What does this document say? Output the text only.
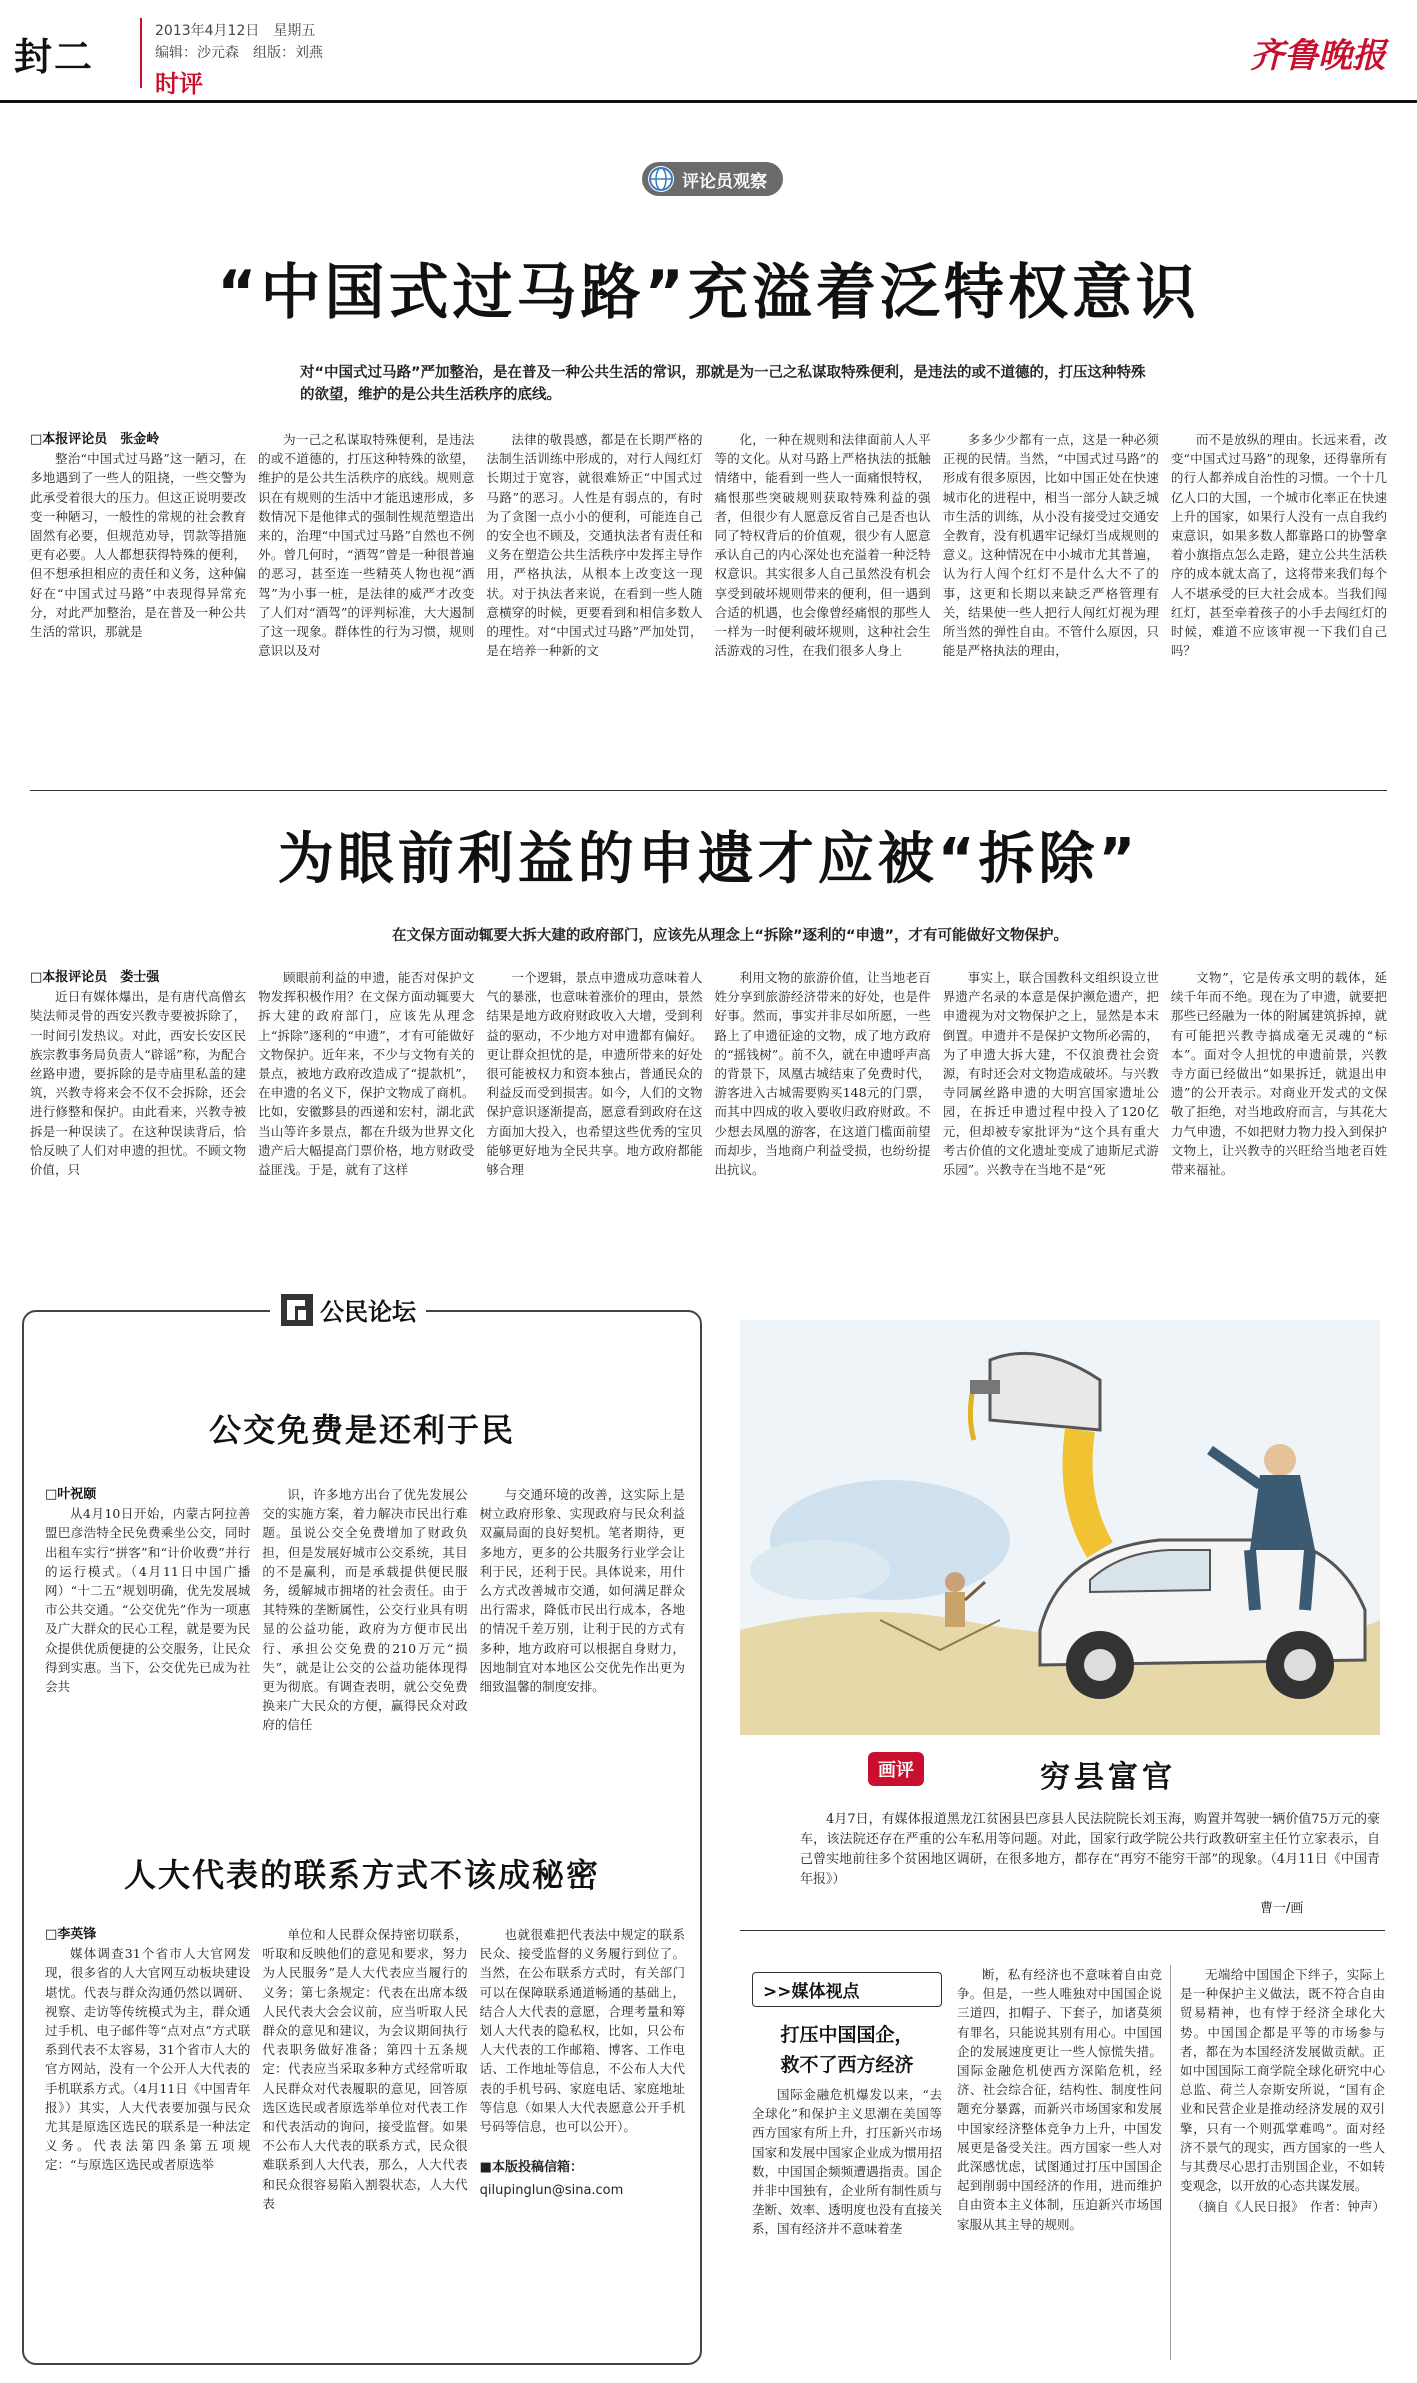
封二
2013年4月12日　星期五
编辑：沙元森　组版：刘燕
时评
齐鲁晚报
评论员观察
“中国式过马路”充溢着泛特权意识
对“中国式过马路”严加整治，是在普及一种公共生活的常识，那就是为一己之私谋取特殊便利，是违法的或不道德的，打压这种特殊的欲望，维护的是公共生活秩序的底线。

□本报评论员　张金岭

整治“中国式过马路”这一陋习，在多地遇到了一些人的阻挠，一些交警为此承受着很大的压力。但这正说明要改变一种陋习，一般性的常规的社会教育固然有必要，但规范劝导，罚款等措施更有必要。人人都想获得特殊的便利，但不想承担相应的责任和义务，这种偏好在“中国式过马路”中表现得异常充分，对此严加整治，是在普及一种公共生活的常识，那就是

为一己之私谋取特殊便利，是违法的或不道德的，打压这种特殊的欲望，维护的是公共生活秩序的底线。规则意识在有规则的生活中才能迅速形成，多数情况下是他律式的强制性规范塑造出来的，治理“中国式过马路”自然也不例外。曾几何时，“酒驾”曾是一种很普遍的恶习，甚至连一些精英人物也视“酒驾”为小事一桩，是法律的威严才改变了人们对“酒驾”的评判标准，大大遏制了这一现象。群体性的行为习惯，规则意识以及对

法律的敬畏感，都是在长期严格的法制生活训练中形成的，对行人闯红灯长期过于宽容，就很难矫正“中国式过马路”的恶习。人性是有弱点的，有时为了贪图一点小小的便利，可能连自己的安全也不顾及，交通执法者有责任和义务在塑造公共生活秩序中发挥主导作用，严格执法，从根本上改变这一现状。对于执法者来说，在看到一些人随意横穿的时候，更要看到和相信多数人的理性。对“中国式过马路”严加处罚，是在培养一种新的文

化，一种在规则和法律面前人人平等的文化。从对马路上严格执法的抵触情绪中，能看到一些人一面痛恨特权，痛恨那些突破规则获取特殊利益的强者，但很少有人愿意反省自己是否也认同了特权背后的价值观，很少有人愿意承认自己的内心深处也充溢着一种泛特权意识。其实很多人自己虽然没有机会享受到破坏规则带来的便利，但一遇到合适的机遇，也会像曾经痛恨的那些人一样为一时便利破坏规则，这种社会生活游戏的习性，在我们很多人身上

多多少少都有一点，这是一种必须正视的民情。当然，“中国式过马路”的形成有很多原因，比如中国正处在快速城市化的进程中，相当一部分人缺乏城市生活的训练，从小没有接受过交通安全教育，没有机遇牢记绿灯当成规则的意义。这种情况在中小城市尤其普遍，认为行人闯个红灯不是什么大不了的事，这更和长期以来缺乏严格管理有关，结果使一些人把行人闯红灯视为理所当然的弹性自由。不管什么原因，只能是严格执法的理由，

而不是放纵的理由。长远来看，改变“中国式过马路”的现象，还得靠所有的行人都养成自治性的习惯。一个十几亿人口的大国，一个城市化率正在快速上升的国家，如果行人没有一点自我约束意识，如果多数人都靠路口的协警拿着小旗指点怎么走路，建立公共生活秩序的成本就太高了，这将带来我们每个人不堪承受的巨大社会成本。当我们闯红灯，甚至牵着孩子的小手去闯红灯的时候，难道不应该审视一下我们自己吗？

为眼前利益的申遗才应被“拆除”
在文保方面动辄要大拆大建的政府部门，应该先从理念上“拆除”逐利的“申遗”，才有可能做好文物保护。

□本报评论员　娄士强

近日有媒体爆出，是有唐代高僧玄奘法师灵骨的西安兴教寺要被拆除了，一时间引发热议。对此，西安长安区民族宗教事务局负责人“辟谣”称，为配合丝路申遗，要拆除的是寺庙里私盖的建筑，兴教寺将来会不仅不会拆除，还会进行修整和保护。由此看来，兴教寺被拆是一种误读了。在这种误读背后，恰恰反映了人们对申遗的担忧。不顾文物价值，只

顾眼前利益的申遗，能否对保护文物发挥积极作用？在文保方面动辄要大拆大建的政府部门，应该先从理念上“拆除”逐利的“申遗”，才有可能做好文物保护。近年来，不少与文物有关的景点，被地方政府改造成了“提款机”，在申遗的名义下，保护文物成了商机。比如，安徽黟县的西递和宏村，湖北武当山等许多景点，都在升级为世界文化遗产后大幅提高门票价格，地方财政受益匪浅。于是，就有了这样

一个逻辑，景点申遗成功意味着人气的暴涨，也意味着涨价的理由，景然结果是地方政府财政收入大增，受到利益的驱动，不少地方对申遗都有偏好。更让群众担忧的是，申遗所带来的好处很可能被权力和资本独占，普通民众的利益反而受到损害。如今，人们的文物保护意识逐渐提高，愿意看到政府在这方面加大投入，也希望这些优秀的宝贝能够更好地为全民共享。地方政府都能够合理

利用文物的旅游价值，让当地老百姓分享到旅游经济带来的好处，也是件好事。然而，事实并非尽如所愿，一些路上了申遗征途的文物，成了地方政府的“摇钱树”。前不久，就在申遗呼声高的背景下，凤凰古城结束了免费时代，游客进入古城需要购买148元的门票，而其中四成的收入要收归政府财政。不少想去凤凰的游客，在这道门槛面前望而却步，当地商户利益受损，也纷纷提出抗议。

事实上，联合国教科文组织设立世界遗产名录的本意是保护濒危遗产，把申遗视为对文物保护之上，显然是本末倒置。申遗并不是保护文物所必需的，为了申遗大拆大建，不仅浪费社会资源，有时还会对文物造成破坏。与兴教寺同属丝路申遗的大明宫国家遗址公园，在拆迁申遗过程中投入了120亿元，但却被专家批评为“这个具有重大考古价值的文化遗址变成了迪斯尼式游乐园”。兴教寺在当地不是“死

文物”，它是传承文明的载体，延续千年而不绝。现在为了申遗，就要把那些已经融为一体的附属建筑拆掉，就有可能把兴教寺搞成毫无灵魂的“标本”。面对令人担忧的申遗前景，兴教寺方面已经做出“如果拆迁，就退出申遗”的公开表示。对商业开发式的文保敬了拒绝，对当地政府而言，与其花大力气申遗，不如把财力物力投入到保护文物上，让兴教寺的兴旺给当地老百姓带来福祉。

公民论坛
公交免费是还利于民

□叶祝颐

从4月10日开始，内蒙古阿拉善盟巴彦浩特全民免费乘坐公交，同时出租车实行“拼客”和“计价收费”并行的运行模式。（4月11日中国广播网）“十二五”规划明确，优先发展城市公共交通。“公交优先”作为一项惠及广大群众的民心工程，就是要为民众提供优质便捷的公交服务，让民众得到实惠。当下，公交优先已成为社会共

识，许多地方出台了优先发展公交的实施方案，着力解决市民出行难题。虽说公交全免费增加了财政负担，但是发展好城市公交系统，其目的不是赢利，而是承载提供便民服务，缓解城市拥堵的社会责任。由于其特殊的垄断属性，公交行业具有明显的公益功能，政府为方便市民出行、承担公交免费的210万元“损失”，就是让公交的公益功能体现得更为彻底。有调查表明，就公交免费换来广大民众的方便，赢得民众对政府的信任

与交通环境的改善，这实际上是树立政府形象、实现政府与民众利益双赢局面的良好契机。笔者期待，更多地方，更多的公共服务行业学会让利于民，还利于民。具体说来，用什么方式改善城市交通，如何满足群众出行需求，降低市民出行成本，各地的情况千差万别，让利于民的方式有多种，地方政府可以根据自身财力，因地制宜对本地区公交优先作出更为细致温馨的制度安排。

人大代表的联系方式不该成秘密

□李英锋

媒体调查31个省市人大官网发现，很多省的人大官网互动板块建设堪忧。代表与群众沟通仍然以调研、视察、走访等传统模式为主，群众通过手机、电子邮件等“点对点”方式联系到代表不太容易，31个省市人大的官方网站，没有一个公开人大代表的手机联系方式。（4月11日《中国青年报》）其实，人大代表要加强与民众尤其是原选区选民的联系是一种法定义务。代表法第四条第五项规定：“与原选区选民或者原选举

单位和人民群众保持密切联系，听取和反映他们的意见和要求，努力为人民服务”是人大代表应当履行的义务；第七条规定：代表在出席本级人民代表大会会议前，应当听取人民群众的意见和建议，为会议期间执行代表职务做好准备；第四十五条规定：代表应当采取多种方式经常听取人民群众对代表履职的意见，回答原选区选民或者原选举单位对代表工作和代表活动的询问，接受监督。如果不公布人大代表的联系方式，民众很难联系到人大代表，那么，人大代表和民众很容易陷入割裂状态，人大代表

也就很难把代表法中规定的联系民众、接受监督的义务履行到位了。当然，在公布联系方式时，有关部门可以在保障联系通道畅通的基础上，结合人大代表的意愿，合理考量和筹划人大代表的隐私权，比如，只公布人大代表的工作邮箱、博客、工作电话、工作地址等信息，不公布人大代表的手机号码、家庭电话、家庭地址等信息（如果人大代表愿意公开手机号码等信息，也可以公开）。

■本版投稿信箱：
qilupinglun@sina.com
画评	穷县富官
4月7日，有媒体报道黑龙江贫困县巴彦县人民法院院长刘玉海，购置并驾驶一辆价值75万元的豪车，该法院还存在严重的公车私用等问题。对此，国家行政学院公共行政教研室主任竹立家表示，自己曾实地前往多个贫困地区调研，在很多地方，都存在“再穷不能穷干部”的现象。（4月11日《中国青年报》）
曹一/画
>>媒体视点
打压中国国企，
救不了西方经济

国际金融危机爆发以来，“去全球化”和保护主义思潮在美国等西方国家有所上升，打压新兴市场国家和发展中国家企业成为惯用招数，中国国企频频遭遇指责。国企并非中国独有，企业所有制性质与垄断、效率、透明度也没有直接关系，国有经济并不意味着垄

断，私有经济也不意味着自由竞争。但是，一些人唯独对中国国企说三道四，扣帽子、下套子，加诸莫须有罪名，只能说其别有用心。中国国企的发展速度更让一些人惊慌失措。国际金融危机使西方深陷危机，经济、社会综合征，结构性、制度性问题充分暴露，而新兴市场国家和发展中国家经济整体竞争力上升，中国发展更是备受关注。西方国家一些人对此深感忧虑，试图通过打压中国国企起到削弱中国经济的作用，进而维护自由资本主义体制，压迫新兴市场国家服从其主导的规则。

无端给中国国企下绊子，实际上是一种保护主义做法，既不符合自由贸易精神，也有悖于经济全球化大势。中国国企都是平等的市场参与者，都在为本国经济发展做贡献。正如中国国际工商学院全球化研究中心总监、荷兰人奈斯安所说，“国有企业和民营企业是推动经济发展的双引擎，只有一个则孤掌难鸣”。面对经济不景气的现实，西方国家的一些人与其费尽心思打击别国企业，不如转变观念，以开放的心态共谋发展。

（摘自《人民日报》　作者：钟声）
